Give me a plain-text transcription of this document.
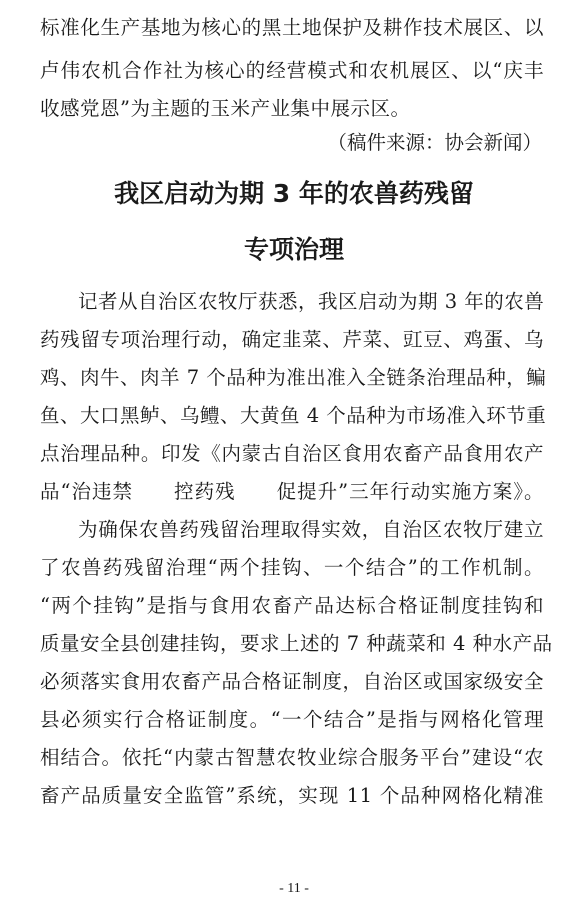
标准化生产基地为核心的黑土地保护及耕作技术展区、以
卢伟农机合作社为核心的经营模式和农机展区、以“庆丰
收感党恩”为主题的玉米产业集中展示区。
（稿件来源：协会新闻）
我区启动为期 3 年的农兽药残留
专项治理
记者从自治区农牧厅获悉，我区启动为期 3 年的农兽
药残留专项治理行动，确定韭菜、芹菜、豇豆、鸡蛋、乌
鸡、肉牛、肉羊 7 个品种为准出准入全链条治理品种，鳊
鱼、大口黑鲈、乌鳢、大黄鱼 4 个品种为市场准入环节重
点治理品种。印发《内蒙古自治区食用农畜产品食用农产
品“治违禁　　控药残　　促提升”三年行动实施方案》。
为确保农兽药残留治理取得实效，自治区农牧厅建立
了农兽药残留治理“两个挂钩、一个结合”的工作机制。
“两个挂钩”是指与食用农畜产品达标合格证制度挂钩和
质量安全县创建挂钩，要求上述的 7 种蔬菜和 4 种水产品
必须落实食用农畜产品合格证制度，自治区或国家级安全
县必须实行合格证制度。“一个结合”是指与网格化管理
相结合。依托“内蒙古智慧农牧业综合服务平台”建设“农
畜产品质量安全监管”系统，实现 11 个品种网格化精准
- 11 -
